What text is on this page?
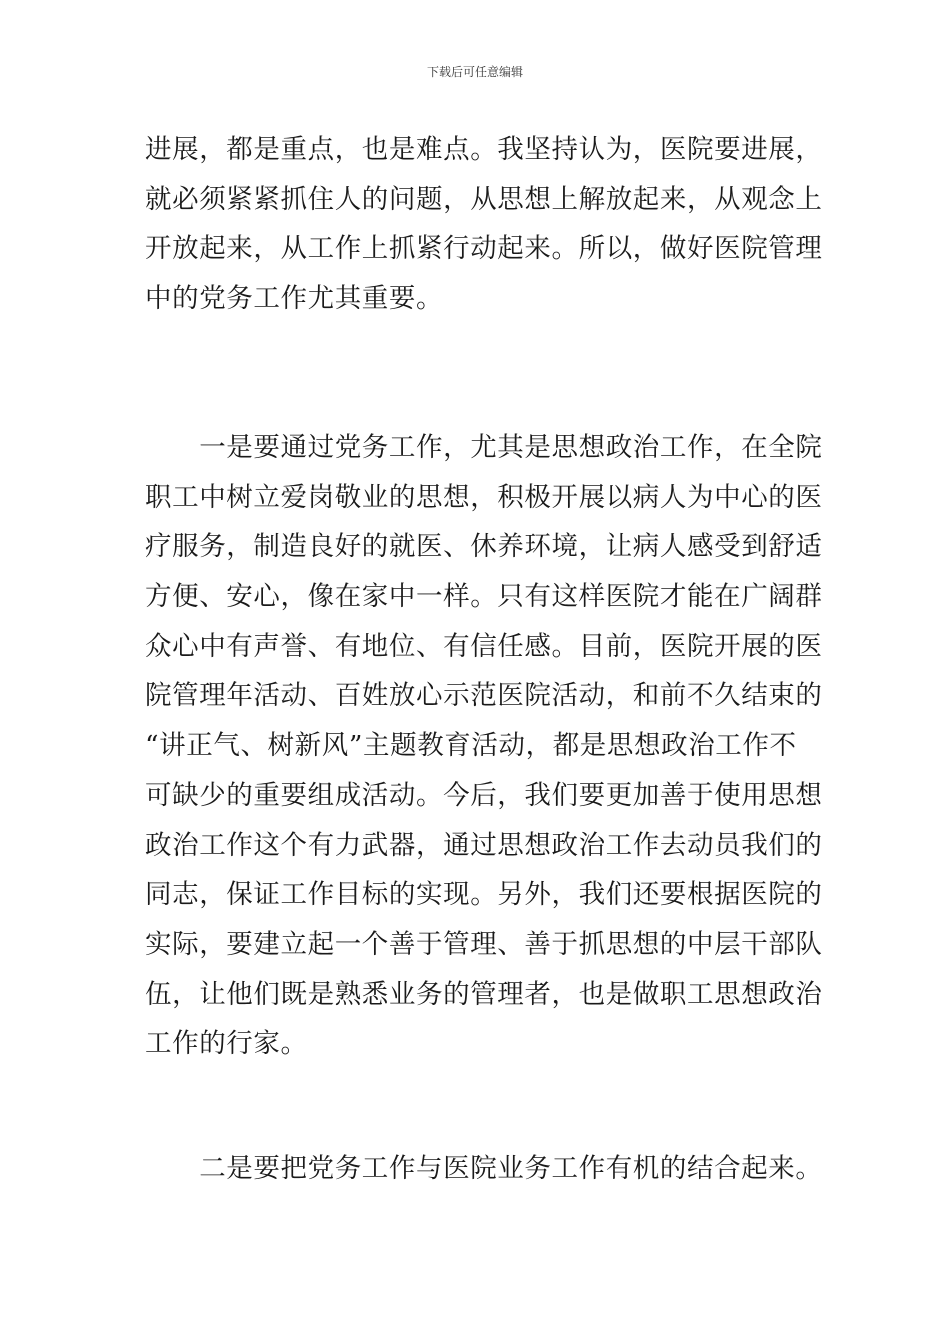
下载后可任意编辑
进展，都是重点，也是难点。我坚持认为，医院要进展，
就必须紧紧抓住人的问题，从思想上解放起来，从观念上
开放起来，从工作上抓紧行动起来。所以，做好医院管理
中的党务工作尤其重要。
　　一是要通过党务工作，尤其是思想政治工作，在全院
职工中树立爱岗敬业的思想，积极开展以病人为中心的医
疗服务，制造良好的就医、休养环境，让病人感受到舒适
方便、安心，像在家中一样。只有这样医院才能在广阔群
众心中有声誉、有地位、有信任感。目前，医院开展的医
院管理年活动、百姓放心示范医院活动，和前不久结束的
“讲正气、树新风”主题教育活动，都是思想政治工作不
可缺少的重要组成活动。今后，我们要更加善于使用思想
政治工作这个有力武器，通过思想政治工作去动员我们的
同志，保证工作目标的实现。另外，我们还要根据医院的
实际，要建立起一个善于管理、善于抓思想的中层干部队
伍，让他们既是熟悉业务的管理者，也是做职工思想政治
工作的行家。
　　二是要把党务工作与医院业务工作有机的结合起来。
